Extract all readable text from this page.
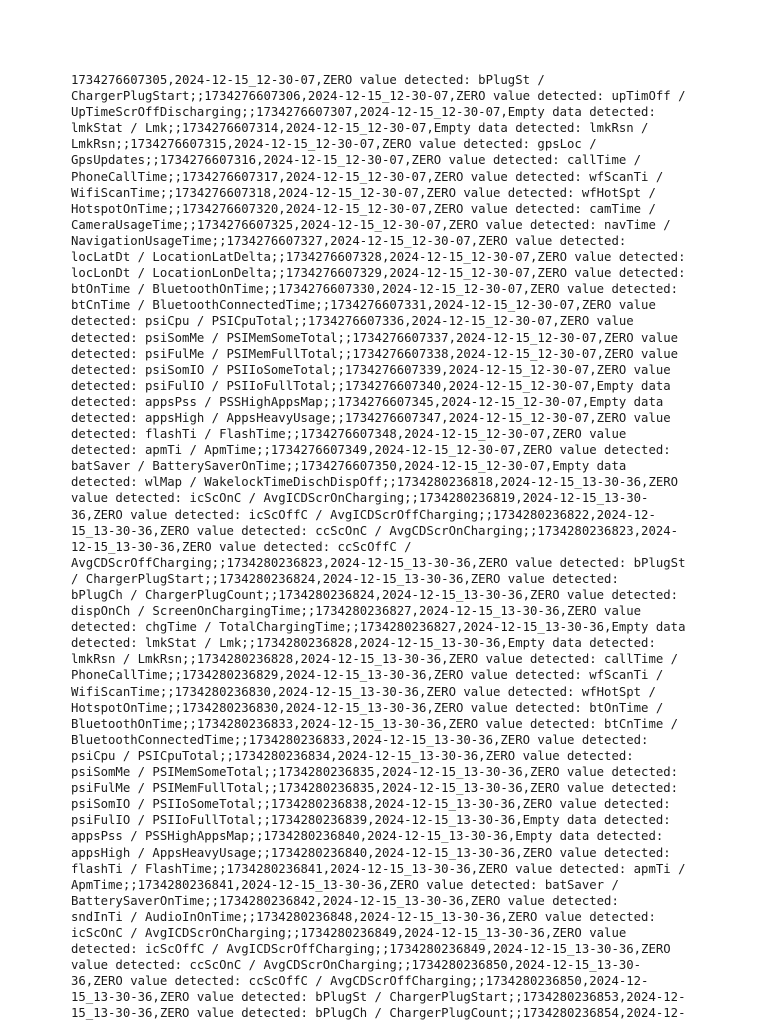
1734276607305,2024-12-15_12-30-07,ZERO value detected: bPlugSt /
ChargerPlugStart;;1734276607306,2024-12-15_12-30-07,ZERO value detected: upTimOff /
UpTimeScrOffDischarging;;1734276607307,2024-12-15_12-30-07,Empty data detected:
lmkStat / Lmk;;1734276607314,2024-12-15_12-30-07,Empty data detected: lmkRsn /
LmkRsn;;1734276607315,2024-12-15_12-30-07,ZERO value detected: gpsLoc /
GpsUpdates;;1734276607316,2024-12-15_12-30-07,ZERO value detected: callTime /
PhoneCallTime;;1734276607317,2024-12-15_12-30-07,ZERO value detected: wfScanTi /
WifiScanTime;;1734276607318,2024-12-15_12-30-07,ZERO value detected: wfHotSpt /
HotspotOnTime;;1734276607320,2024-12-15_12-30-07,ZERO value detected: camTime /
CameraUsageTime;;1734276607325,2024-12-15_12-30-07,ZERO value detected: navTime /
NavigationUsageTime;;1734276607327,2024-12-15_12-30-07,ZERO value detected:
locLatDt / LocationLatDelta;;1734276607328,2024-12-15_12-30-07,ZERO value detected:
locLonDt / LocationLonDelta;;1734276607329,2024-12-15_12-30-07,ZERO value detected:
btOnTime / BluetoothOnTime;;1734276607330,2024-12-15_12-30-07,ZERO value detected:
btCnTime / BluetoothConnectedTime;;1734276607331,2024-12-15_12-30-07,ZERO value
detected: psiCpu / PSICpuTotal;;1734276607336,2024-12-15_12-30-07,ZERO value
detected: psiSomMe / PSIMemSomeTotal;;1734276607337,2024-12-15_12-30-07,ZERO value
detected: psiFulMe / PSIMemFullTotal;;1734276607338,2024-12-15_12-30-07,ZERO value
detected: psiSomIO / PSIIoSomeTotal;;1734276607339,2024-12-15_12-30-07,ZERO value
detected: psiFulIO / PSIIoFullTotal;;1734276607340,2024-12-15_12-30-07,Empty data
detected: appsPss / PSSHighAppsMap;;1734276607345,2024-12-15_12-30-07,Empty data
detected: appsHigh / AppsHeavyUsage;;1734276607347,2024-12-15_12-30-07,ZERO value
detected: flashTi / FlashTime;;1734276607348,2024-12-15_12-30-07,ZERO value
detected: apmTi / ApmTime;;1734276607349,2024-12-15_12-30-07,ZERO value detected:
batSaver / BatterySaverOnTime;;1734276607350,2024-12-15_12-30-07,Empty data
detected: wlMap / WakelockTimeDischDispOff;;1734280236818,2024-12-15_13-30-36,ZERO
value detected: icScOnC / AvgICDScrOnCharging;;1734280236819,2024-12-15_13-30-
36,ZERO value detected: icScOffC / AvgICDScrOffCharging;;1734280236822,2024-12-
15_13-30-36,ZERO value detected: ccScOnC / AvgCDScrOnCharging;;1734280236823,2024-
12-15_13-30-36,ZERO value detected: ccScOffC /
AvgCDScrOffCharging;;1734280236823,2024-12-15_13-30-36,ZERO value detected: bPlugSt
/ ChargerPlugStart;;1734280236824,2024-12-15_13-30-36,ZERO value detected:
bPlugCh / ChargerPlugCount;;1734280236824,2024-12-15_13-30-36,ZERO value detected:
dispOnCh / ScreenOnChargingTime;;1734280236827,2024-12-15_13-30-36,ZERO value
detected: chgTime / TotalChargingTime;;1734280236827,2024-12-15_13-30-36,Empty data
detected: lmkStat / Lmk;;1734280236828,2024-12-15_13-30-36,Empty data detected:
lmkRsn / LmkRsn;;1734280236828,2024-12-15_13-30-36,ZERO value detected: callTime /
PhoneCallTime;;1734280236829,2024-12-15_13-30-36,ZERO value detected: wfScanTi /
WifiScanTime;;1734280236830,2024-12-15_13-30-36,ZERO value detected: wfHotSpt /
HotspotOnTime;;1734280236830,2024-12-15_13-30-36,ZERO value detected: btOnTime /
BluetoothOnTime;;1734280236833,2024-12-15_13-30-36,ZERO value detected: btCnTime /
BluetoothConnectedTime;;1734280236833,2024-12-15_13-30-36,ZERO value detected:
psiCpu / PSICpuTotal;;1734280236834,2024-12-15_13-30-36,ZERO value detected:
psiSomMe / PSIMemSomeTotal;;1734280236835,2024-12-15_13-30-36,ZERO value detected:
psiFulMe / PSIMemFullTotal;;1734280236835,2024-12-15_13-30-36,ZERO value detected:
psiSomIO / PSIIoSomeTotal;;1734280236838,2024-12-15_13-30-36,ZERO value detected:
psiFulIO / PSIIoFullTotal;;1734280236839,2024-12-15_13-30-36,Empty data detected:
appsPss / PSSHighAppsMap;;1734280236840,2024-12-15_13-30-36,Empty data detected:
appsHigh / AppsHeavyUsage;;1734280236840,2024-12-15_13-30-36,ZERO value detected:
flashTi / FlashTime;;1734280236841,2024-12-15_13-30-36,ZERO value detected: apmTi /
ApmTime;;1734280236841,2024-12-15_13-30-36,ZERO value detected: batSaver /
BatterySaverOnTime;;1734280236842,2024-12-15_13-30-36,ZERO value detected:
sndInTi / AudioInOnTime;;1734280236848,2024-12-15_13-30-36,ZERO value detected:
icScOnC / AvgICDScrOnCharging;;1734280236849,2024-12-15_13-30-36,ZERO value
detected: icScOffC / AvgICDScrOffCharging;;1734280236849,2024-12-15_13-30-36,ZERO
value detected: ccScOnC / AvgCDScrOnCharging;;1734280236850,2024-12-15_13-30-
36,ZERO value detected: ccScOffC / AvgCDScrOffCharging;;1734280236850,2024-12-
15_13-30-36,ZERO value detected: bPlugSt / ChargerPlugStart;;1734280236853,2024-12-
15_13-30-36,ZERO value detected: bPlugCh / ChargerPlugCount;;1734280236854,2024-12-
